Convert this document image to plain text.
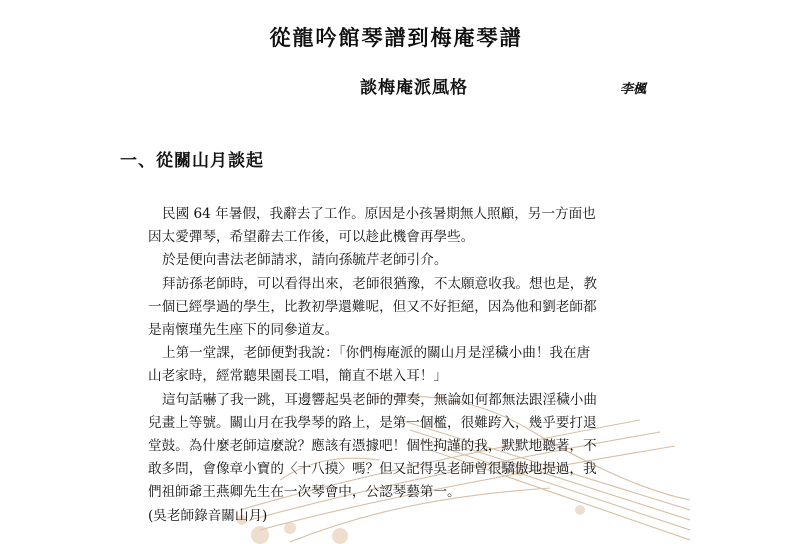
從龍吟館琴譜到梅庵琴譜
談梅庵派風格	李楓
一、從關山月談起

民國 64 年暑假，我辭去了工作。原因是小孩暑期無人照顧，另一方面也

因太愛彈琴，希望辭去工作後，可以趁此機會再學些。

於是便向書法老師請求，請向孫毓芹老師引介。

拜訪孫老師時，可以看得出來，老師很猶豫，不太願意收我。想也是，教

一個已經學過的學生，比教初學還難呢，但又不好拒絕，因為他和劉老師都

是南懷瑾先生座下的同參道友。

上第一堂課，老師便對我說：「你們梅庵派的關山月是淫穢小曲！我在唐

山老家時，經常聽果園長工唱，簡直不堪入耳！」

這句話嚇了我一跳，耳邊響起吳老師的彈奏，無論如何都無法跟淫穢小曲

兒畫上等號。關山月在我學琴的路上，是第一個檻，很難跨入，幾乎要打退

堂鼓。為什麼老師這麼說？應該有憑據吧！個性拘謹的我，默默地聽著，不

敢多問，會像章小寶的〈十八摸〉嗎？但又記得吳老師曾很驕傲地提過，我

們祖師爺王燕卿先生在一次琴會中，公認琴藝第一。

(吳老師錄音關山月)
